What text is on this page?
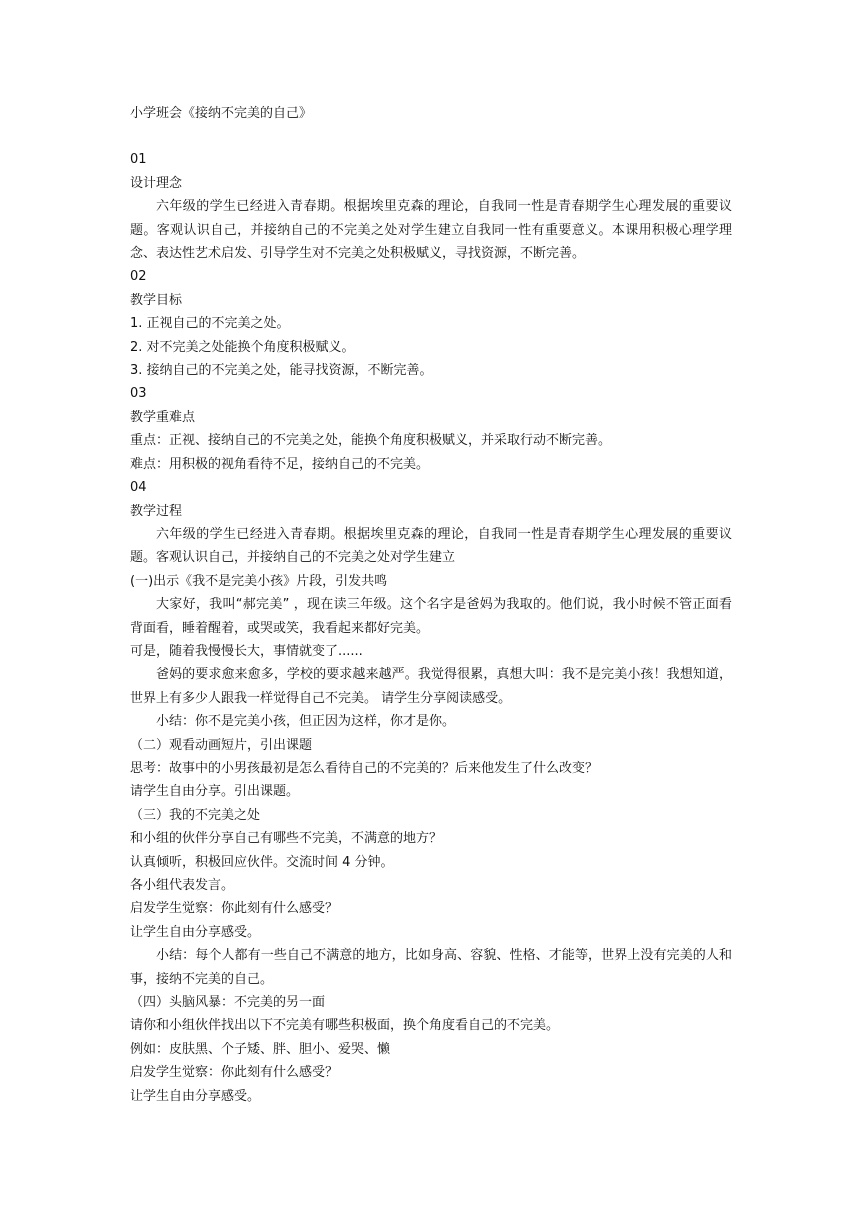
小学班会《接纳不完美的自己》
01
设计理念
六年级的学生已经进入青春期。根据埃里克森的理论，自我同一性是青春期学生心理发展的重要议题。客观认识自己，并接纳自己的不完美之处对学生建立自我同一性有重要意义。本课用积极心理学理念、表达性艺术启发、引导学生对不完美之处积极赋义，寻找资源，不断完善。
02
教学目标
1. 正视自己的不完美之处。
2. 对不完美之处能换个角度积极赋义。
3. 接纳自己的不完美之处，能寻找资源，不断完善。
03
教学重难点
重点：正视、接纳自己的不完美之处，能换个角度积极赋义，并采取行动不断完善。
难点：用积极的视角看待不足，接纳自己的不完美。
04
教学过程
六年级的学生已经进入青春期。根据埃里克森的理论，自我同一性是青春期学生心理发展的重要议题。客观认识自己，并接纳自己的不完美之处对学生建立
(一)出示《我不是完美小孩》片段，引发共鸣
大家好，我叫“郝完美” ，现在读三年级。这个名字是爸妈为我取的。他们说，我小时候不管正面看背面看，睡着醒着，或哭或笑，我看起来都好完美。
可是，随着我慢慢长大，事情就变了......
爸妈的要求愈来愈多，学校的要求越来越严。我觉得很累，真想大叫：我不是完美小孩！我想知道，世界上有多少人跟我一样觉得自己不完美。 请学生分享阅读感受。
小结：你不是完美小孩，但正因为这样，你才是你。
（二）观看动画短片，引出课题
思考：故事中的小男孩最初是怎么看待自己的不完美的？后来他发生了什么改变？
请学生自由分享。引出课题。
（三）我的不完美之处
和小组的伙伴分享自己有哪些不完美，不满意的地方？
认真倾听，积极回应伙伴。交流时间 4 分钟。
各小组代表发言。
启发学生觉察：你此刻有什么感受？
让学生自由分享感受。
小结：每个人都有一些自己不满意的地方，比如身高、容貌、性格、才能等，世界上没有完美的人和事，接纳不完美的自己。
（四）头脑风暴：不完美的另一面
请你和小组伙伴找出以下不完美有哪些积极面，换个角度看自己的不完美。
例如：皮肤黑、个子矮、胖、胆小、爱哭、懒
启发学生觉察：你此刻有什么感受？
让学生自由分享感受。
